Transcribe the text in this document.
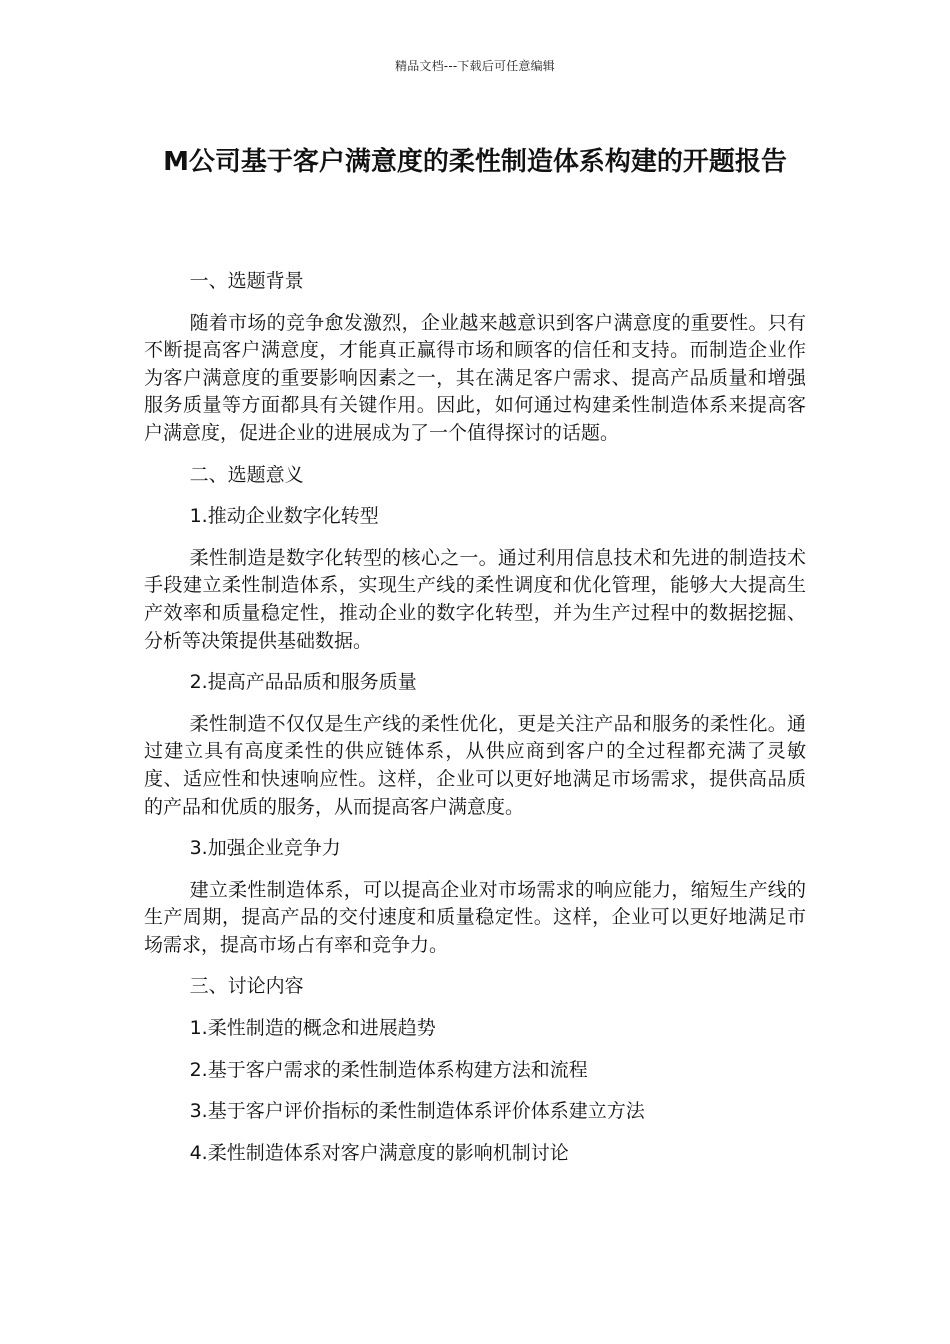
精品文档---下载后可任意编辑
M公司基于客户满意度的柔性制造体系构建的开题报告

一、选题背景

随着市场的竞争愈发激烈，企业越来越意识到客户满意度的重要性。只有不断提高客户满意度，才能真正赢得市场和顾客的信任和支持。而制造企业作为客户满意度的重要影响因素之一，其在满足客户需求、提高产品质量和增强服务质量等方面都具有关键作用。因此，如何通过构建柔性制造体系来提高客户满意度，促进企业的进展成为了一个值得探讨的话题。

二、选题意义

1.推动企业数字化转型

柔性制造是数字化转型的核心之一。通过利用信息技术和先进的制造技术手段建立柔性制造体系，实现生产线的柔性调度和优化管理，能够大大提高生产效率和质量稳定性，推动企业的数字化转型，并为生产过程中的数据挖掘、分析等决策提供基础数据。

2.提高产品品质和服务质量

柔性制造不仅仅是生产线的柔性优化，更是关注产品和服务的柔性化。通过建立具有高度柔性的供应链体系，从供应商到客户的全过程都充满了灵敏度、适应性和快速响应性。这样，企业可以更好地满足市场需求，提供高品质的产品和优质的服务，从而提高客户满意度。

3.加强企业竞争力

建立柔性制造体系，可以提高企业对市场需求的响应能力，缩短生产线的生产周期，提高产品的交付速度和质量稳定性。这样，企业可以更好地满足市场需求，提高市场占有率和竞争力。

三、讨论内容

1.柔性制造的概念和进展趋势

2.基于客户需求的柔性制造体系构建方法和流程

3.基于客户评价指标的柔性制造体系评价体系建立方法

4.柔性制造体系对客户满意度的影响机制讨论
